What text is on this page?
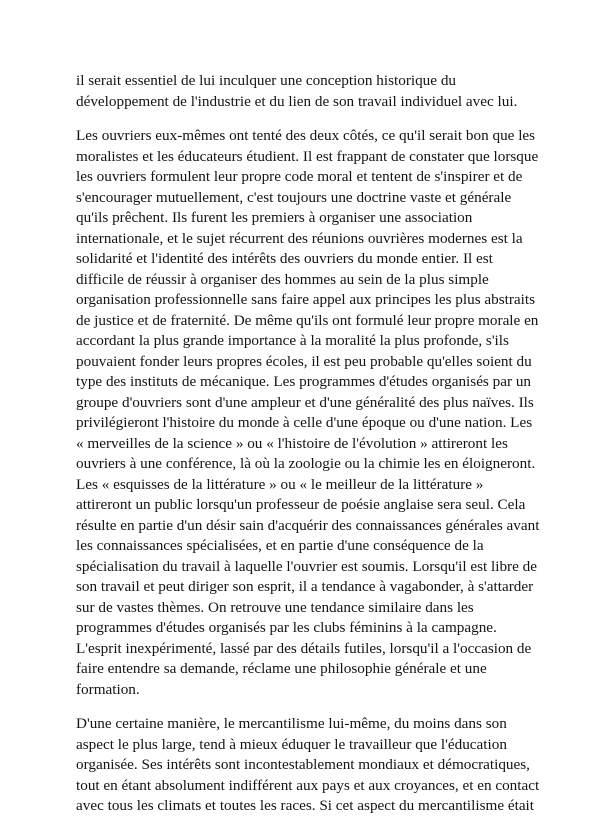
il serait essentiel de lui inculquer une conception historique du
développement de l'industrie et du lien de son travail individuel avec lui.

Les ouvriers eux-mêmes ont tenté des deux côtés, ce qu'il serait bon que les
moralistes et les éducateurs étudient. Il est frappant de constater que lorsque
les ouvriers formulent leur propre code moral et tentent de s'inspirer et de
s'encourager mutuellement, c'est toujours une doctrine vaste et générale
qu'ils prêchent. Ils furent les premiers à organiser une association
internationale, et le sujet récurrent des réunions ouvrières modernes est la
solidarité et l'identité des intérêts des ouvriers du monde entier. Il est
difficile de réussir à organiser des hommes au sein de la plus simple
organisation professionnelle sans faire appel aux principes les plus abstraits
de justice et de fraternité. De même qu'ils ont formulé leur propre morale en
accordant la plus grande importance à la moralité la plus profonde, s'ils
pouvaient fonder leurs propres écoles, il est peu probable qu'elles soient du
type des instituts de mécanique. Les programmes d'études organisés par un
groupe d'ouvriers sont d'une ampleur et d'une généralité des plus naïves. Ils
privilégieront l'histoire du monde à celle d'une époque ou d'une nation. Les
« merveilles de la science » ou « l'histoire de l'évolution » attireront les
ouvriers à une conférence, là où la zoologie ou la chimie les en éloigneront.
Les « esquisses de la littérature » ou « le meilleur de la littérature »
attireront un public lorsqu'un professeur de poésie anglaise sera seul. Cela
résulte en partie d'un désir sain d'acquérir des connaissances générales avant
les connaissances spécialisées, et en partie d'une conséquence de la
spécialisation du travail à laquelle l'ouvrier est soumis. Lorsqu'il est libre de
son travail et peut diriger son esprit, il a tendance à vagabonder, à s'attarder
sur de vastes thèmes. On retrouve une tendance similaire dans les
programmes d'études organisés par les clubs féminins à la campagne.
L'esprit inexpérimenté, lassé par des détails futiles, lorsqu'il a l'occasion de
faire entendre sa demande, réclame une philosophie générale et une
formation.

D'une certaine manière, le mercantilisme lui-même, du moins dans son
aspect le plus large, tend à mieux éduquer le travailleur que l'éducation
organisée. Ses intérêts sont incontestablement mondiaux et démocratiques,
tout en étant absolument indifférent aux pays et aux croyances, et en contact
avec tous les climats et toutes les races. Si cet aspect du mercantilisme était
